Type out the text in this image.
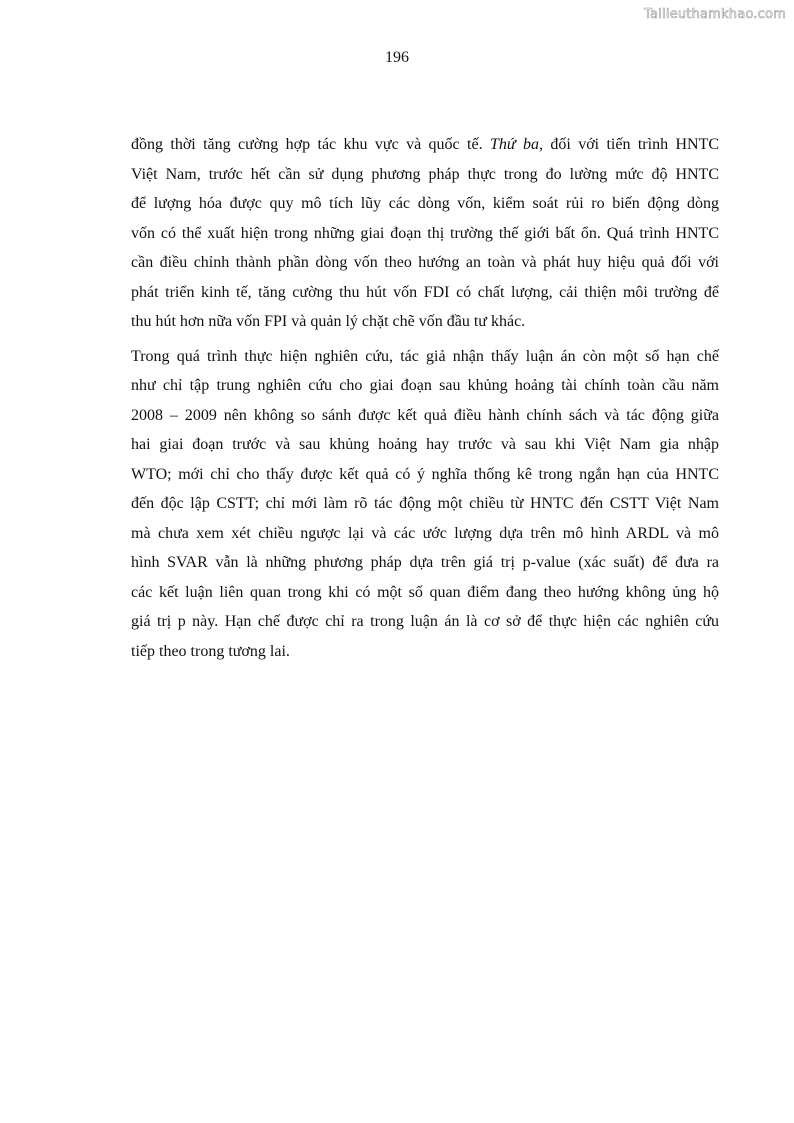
Tailieuthamkhao.com
196

đồng thời tăng cường hợp tác khu vực và quốc tế. Thứ ba, đối với tiến trình HNTC
Việt Nam, trước hết cần sử dụng phương pháp thực trong đo lường mức độ HNTC
để lượng hóa được quy mô tích lũy các dòng vốn, kiểm soát rủi ro biến động dòng
vốn có thể xuất hiện trong những giai đoạn thị trường thế giới bất ổn. Quá trình HNTC
cần điều chỉnh thành phần dòng vốn theo hướng an toàn và phát huy hiệu quả đối với
phát triển kinh tế, tăng cường thu hút vốn FDI có chất lượng, cải thiện môi trường để
thu hút hơn nữa vốn FPI và quản lý chặt chẽ vốn đầu tư khác.

Trong quá trình thực hiện nghiên cứu, tác giả nhận thấy luận án còn một số hạn chế
như chỉ tập trung nghiên cứu cho giai đoạn sau khủng hoảng tài chính toàn cầu năm
2008 – 2009 nên không so sánh được kết quả điều hành chính sách và tác động giữa
hai giai đoạn trước và sau khủng hoảng hay trước và sau khi Việt Nam gia nhập
WTO; mới chỉ cho thấy được kết quả có ý nghĩa thống kê trong ngắn hạn của HNTC
đến độc lập CSTT; chỉ mới làm rõ tác động một chiều từ HNTC đến CSTT Việt Nam
mà chưa xem xét chiều ngược lại và các ước lượng dựa trên mô hình ARDL và mô
hình SVAR vẫn là những phương pháp dựa trên giá trị p-value (xác suất) để đưa ra
các kết luận liên quan trong khi có một số quan điểm đang theo hướng không ủng hộ
giá trị p này. Hạn chế được chỉ ra trong luận án là cơ sở để thực hiện các nghiên cứu
tiếp theo trong tương lai.
